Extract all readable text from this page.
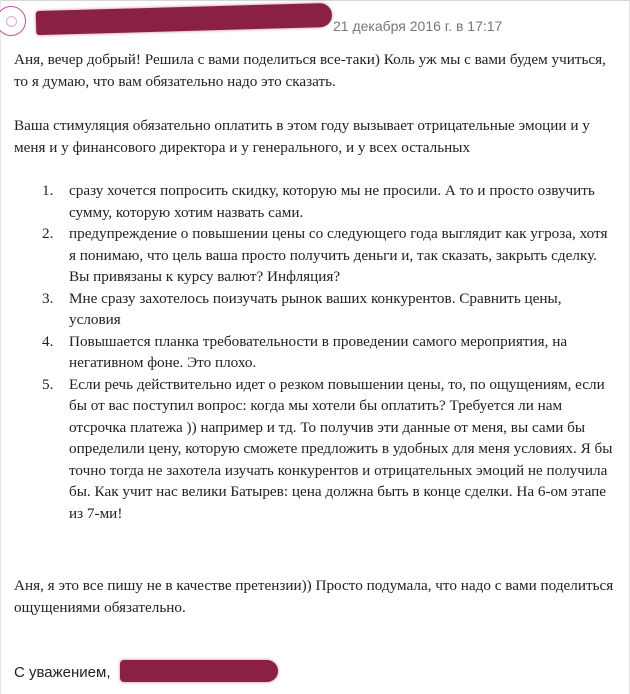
21 декабря 2016 г. в 17:17

Аня, вечер добрый! Решила с вами поделиться все-таки) Коль уж мы с вами будем учиться, то я думаю, что вам обязательно надо это сказать.

Ваша стимуляция обязательно оплатить в этом году вызывает отрицательные эмоции и у меня и у финансового директора и у генерального, и у всех остальных

1. сразу хочется попросить скидку, которую мы не просили. А то и просто озвучить сумму, которую хотим назвать сами.
2. предупреждение о повышении цены со следующего года выглядит как угроза, хотя я понимаю, что цель ваша просто получить деньги и, так сказать, закрыть сделку. Вы привязаны к курсу валют? Инфляция?
3. Мне сразу захотелось поизучать рынок ваших конкурентов. Сравнить цены, условия
4. Повышается планка требовательности в проведении самого мероприятия, на негативном фоне. Это плохо.
5. Если речь действительно идет о резком повышении цены, то, по ощущениям, если бы от вас поступил вопрос: когда мы хотели бы оплатить? Требуется ли нам отсрочка платежа )) например и тд. То получив эти данные от меня, вы сами бы определили цену, которую сможете предложить в удобных для меня условиях. Я бы точно тогда не захотела изучать конкурентов и отрицательных эмоций не получила бы. Как учит нас велики Батырев: цена должна быть в конце сделки. На 6-ом этапе из 7-ми!

Аня, я это все пишу не в качестве претензии)) Просто подумала, что надо с вами поделиться ощущениями обязательно.

С уважением,
